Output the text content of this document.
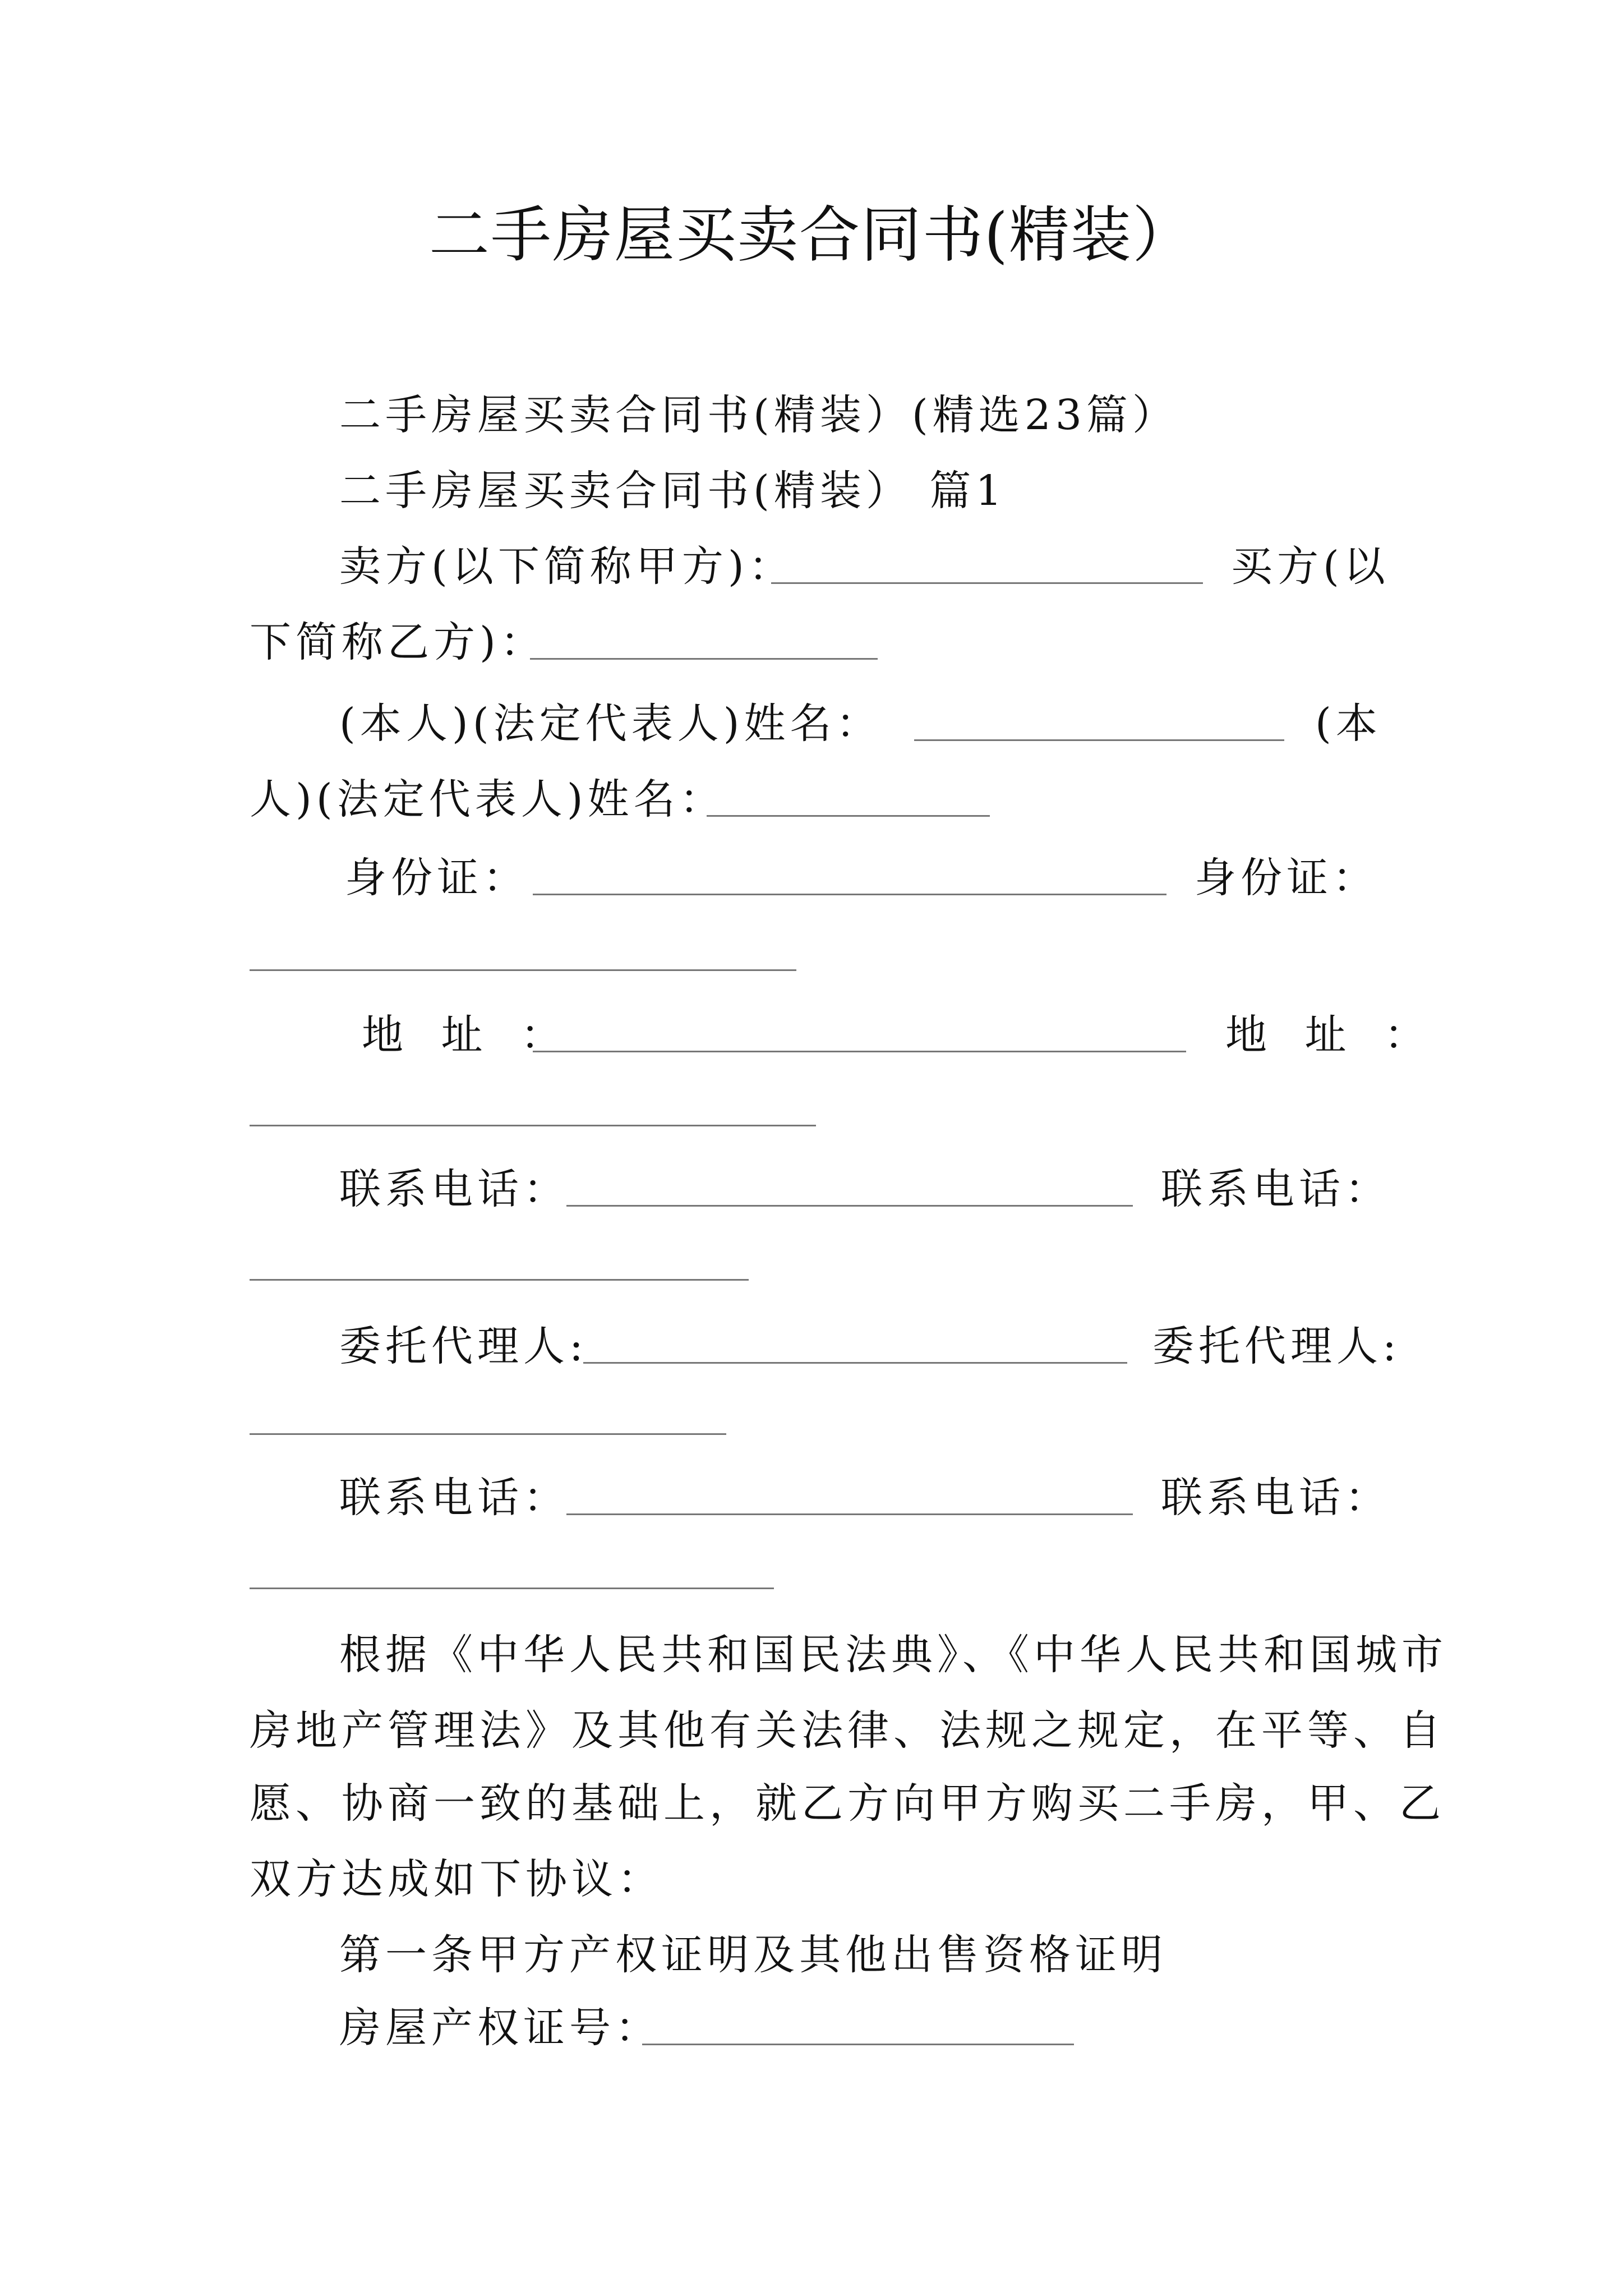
二手房屋买卖合同书(精装）
二手房屋买卖合同书(精装）(精选23篇）
二手房屋买卖合同书(精装） 篇1
卖方(以下简称甲方)：	买方(以
下简称乙方)：
(本人)(法定代表人)姓名：	(本
人)(法定代表人)姓名：
身份证：	身份证：
地 址 ：	地 址 ：
联系电话：	联系电话：
委托代理人:	委托代理人:
联系电话：	联系电话：
根据《中华人民共和国民法典》、《中华人民共和国城市
房地产管理法》及其他有关法律、法规之规定，在平等、自
愿、协商一致的基础上，就乙方向甲方购买二手房，甲、乙
双方达成如下协议：
第一条甲方产权证明及其他出售资格证明
房屋产权证号：
